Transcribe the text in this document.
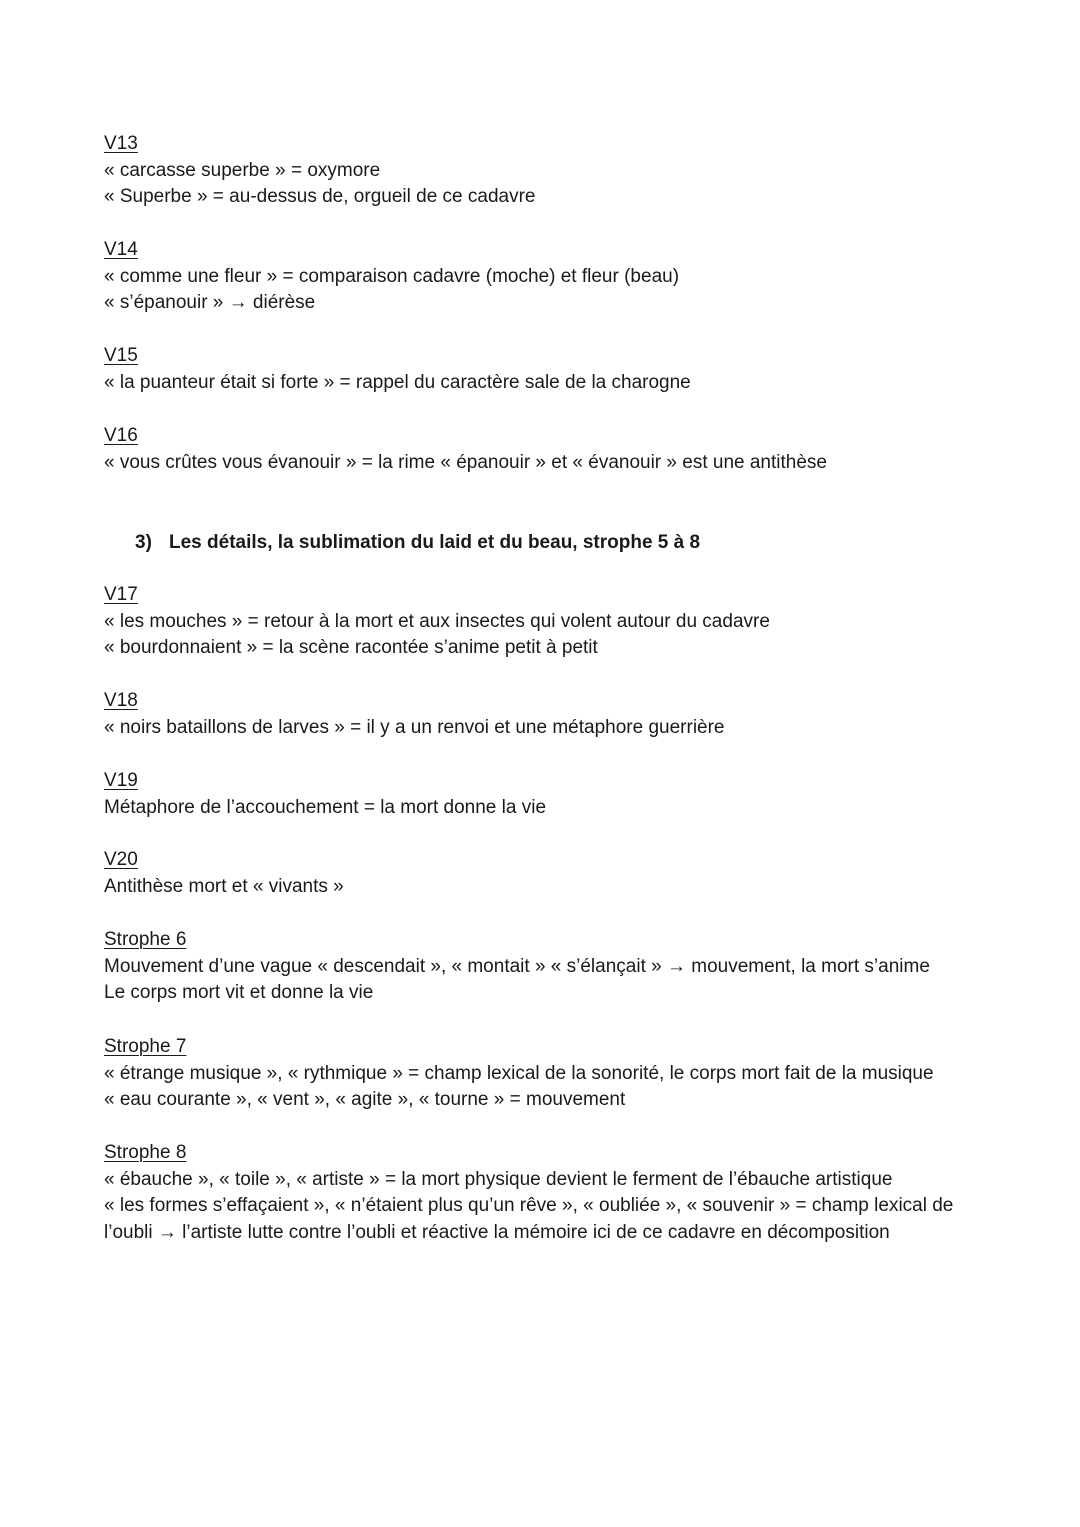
V13
« carcasse superbe » = oxymore
« Superbe » = au-dessus de, orgueil de ce cadavre
V14
« comme une fleur » = comparaison cadavre (moche) et fleur (beau)
« s’épanouir » → diérèse
V15
« la puanteur était si forte » = rappel du caractère sale de la charogne
V16
« vous crûtes vous évanouir » = la rime « épanouir » et « évanouir » est une antithèse
3) Les détails, la sublimation du laid et du beau, strophe 5 à 8
V17
« les mouches » = retour à la mort et aux insectes qui volent autour du cadavre
« bourdonnaient » = la scène racontée s’anime petit à petit
V18
« noirs bataillons de larves » = il y a un renvoi et une métaphore guerrière
V19
Métaphore de l’accouchement = la mort donne la vie
V20
Antithèse mort et « vivants »
Strophe 6
Mouvement d’une vague « descendait », « montait » « s’élançait » → mouvement, la mort s’anime
Le corps mort vit et donne la vie
Strophe 7
« étrange musique », « rythmique » = champ lexical de la sonorité, le corps mort fait de la musique
« eau courante », « vent », « agite », « tourne » = mouvement
Strophe 8
« ébauche », « toile », « artiste » = la mort physique devient le ferment de l’ébauche artistique
« les formes s’effaçaient », « n’étaient plus qu’un rêve », « oubliée », « souvenir » = champ lexical de
l’oubli → l’artiste lutte contre l’oubli et réactive la mémoire ici de ce cadavre en décomposition
